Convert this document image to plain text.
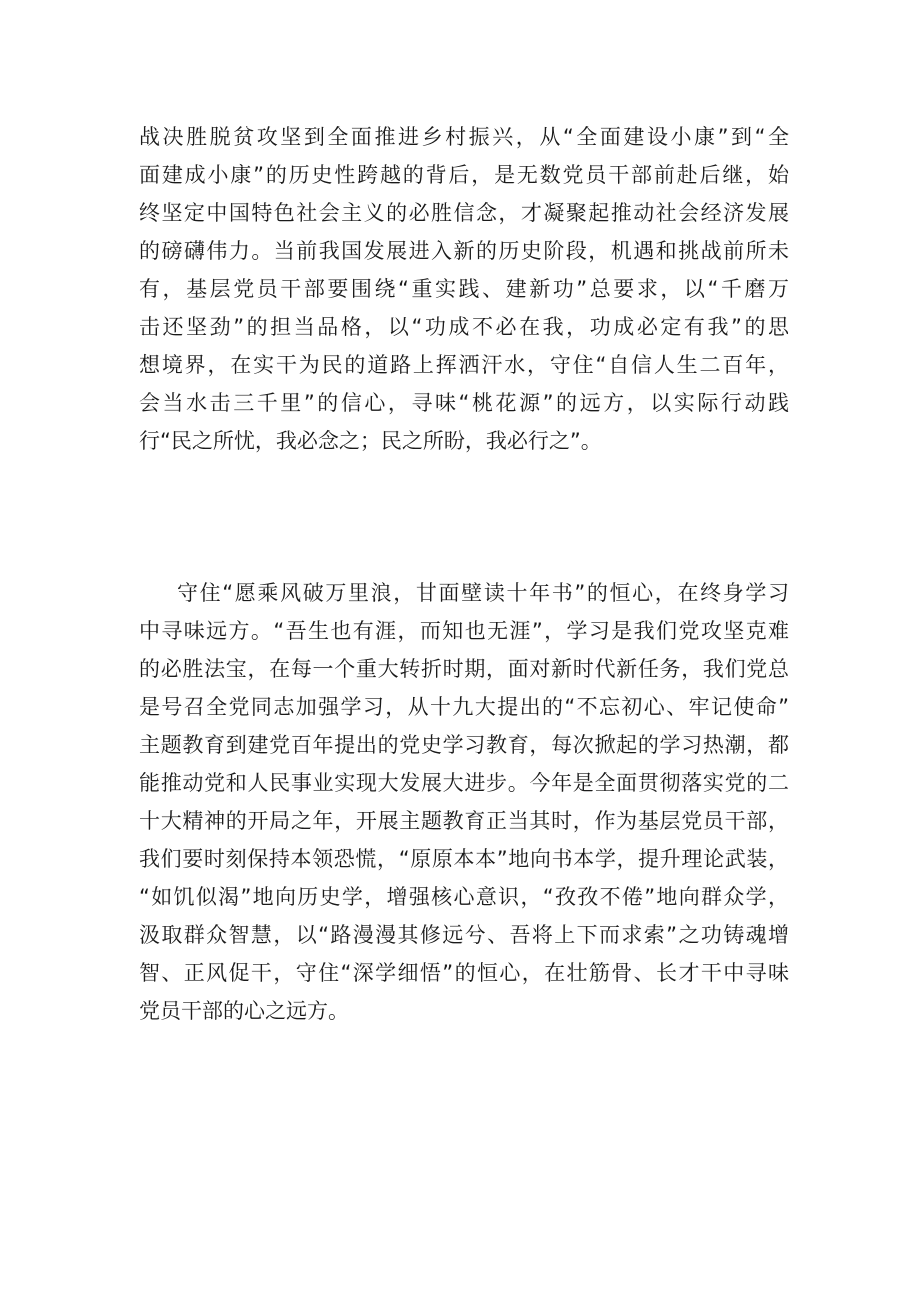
战决胜脱贫攻坚到全面推进乡村振兴，从“全面建设小康”到“全
面建成小康”的历史性跨越的背后，是无数党员干部前赴后继，始
终坚定中国特色社会主义的必胜信念，才凝聚起推动社会经济发展
的磅礴伟力。当前我国发展进入新的历史阶段，机遇和挑战前所未
有，基层党员干部要围绕“重实践、建新功”总要求，以“千磨万
击还坚劲”的担当品格，以“功成不必在我，功成必定有我”的思
想境界，在实干为民的道路上挥洒汗水，守住“自信人生二百年，
会当水击三千里”的信心，寻味“桃花源”的远方，以实际行动践
行“民之所忧，我必念之；民之所盼，我必行之”。
守住“愿乘风破万里浪，甘面壁读十年书”的恒心，在终身学习
中寻味远方。“吾生也有涯，而知也无涯”，学习是我们党攻坚克难
的必胜法宝，在每一个重大转折时期，面对新时代新任务，我们党总
是号召全党同志加强学习，从十九大提出的“不忘初心、牢记使命”
主题教育到建党百年提出的党史学习教育，每次掀起的学习热潮，都
能推动党和人民事业实现大发展大进步。今年是全面贯彻落实党的二
十大精神的开局之年，开展主题教育正当其时，作为基层党员干部，
我们要时刻保持本领恐慌，“原原本本”地向书本学，提升理论武装，
“如饥似渴”地向历史学，增强核心意识，“孜孜不倦”地向群众学，
汲取群众智慧，以“路漫漫其修远兮、吾将上下而求索”之功铸魂增
智、正风促干，守住“深学细悟”的恒心，在壮筋骨、长才干中寻味
党员干部的心之远方。
